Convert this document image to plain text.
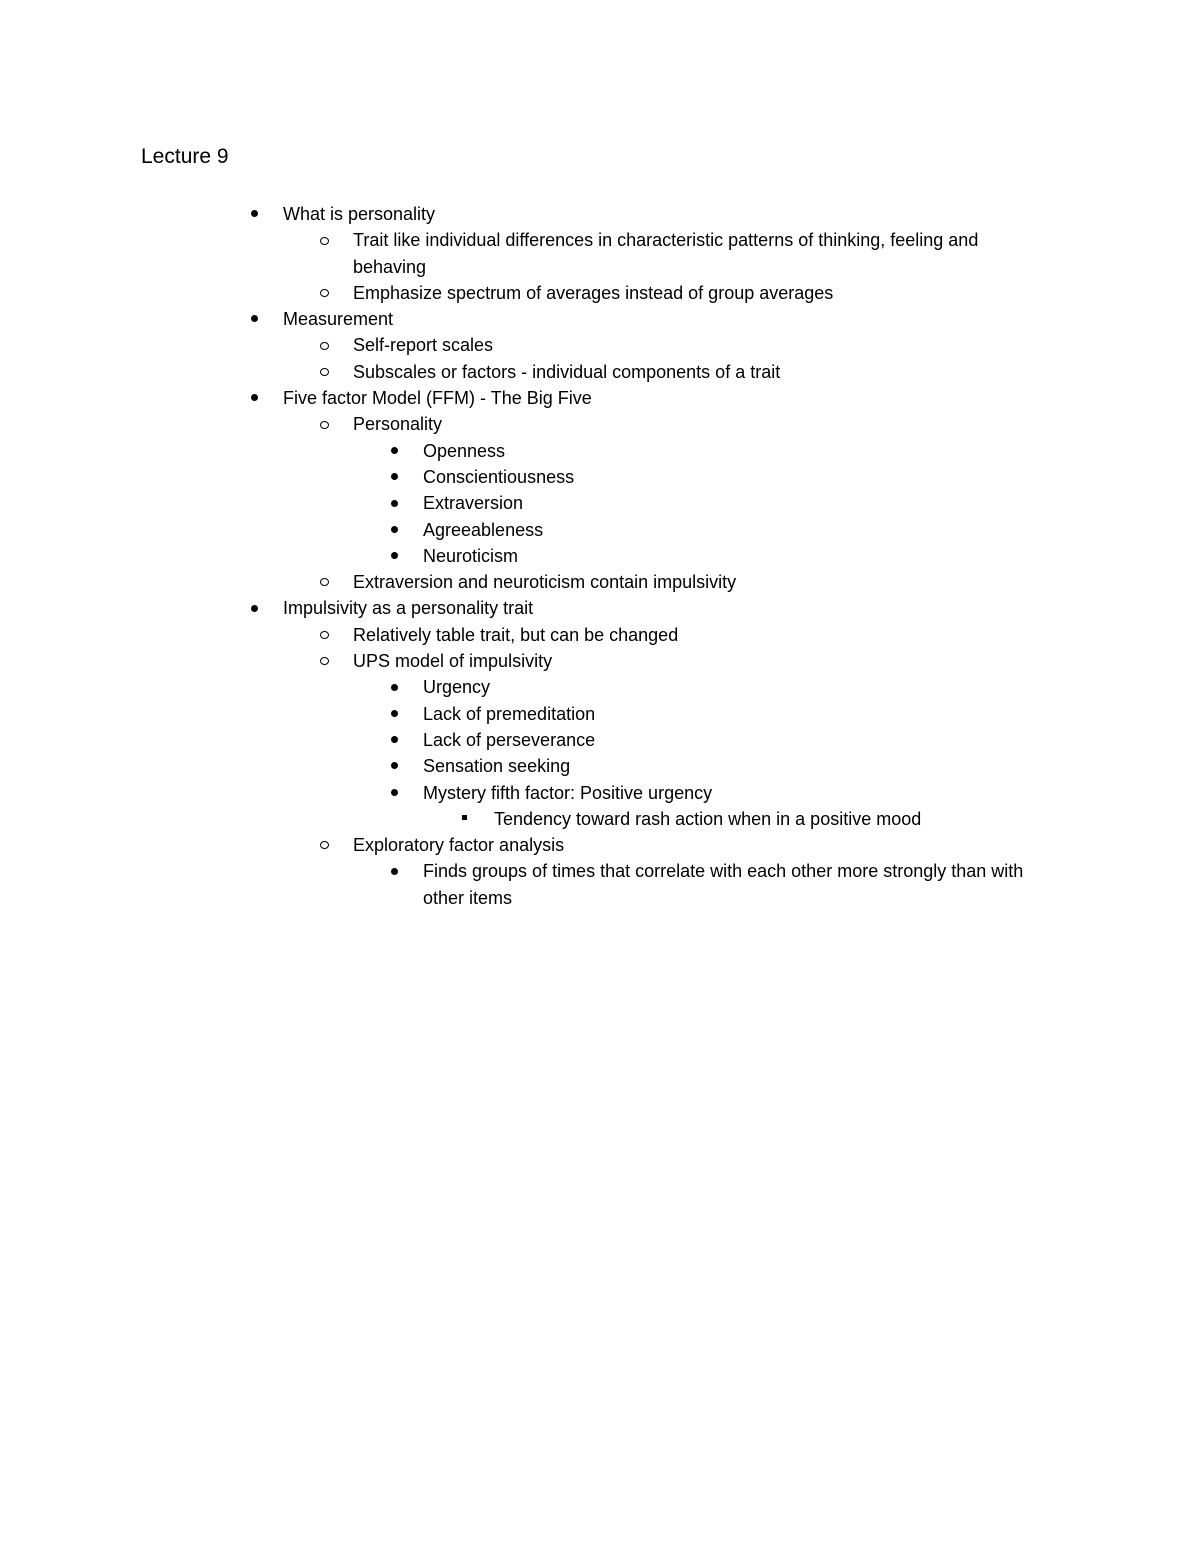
Lecture 9
What is personality
Trait like individual differences in characteristic patterns of thinking, feeling and behaving
Emphasize spectrum of averages instead of group averages
Measurement
Self-report scales
Subscales or factors - individual components of a trait
Five factor Model (FFM) - The Big Five
Personality
Openness
Conscientiousness
Extraversion
Agreeableness
Neuroticism
Extraversion and neuroticism contain impulsivity
Impulsivity as a personality trait
Relatively table trait, but can be changed
UPS model of impulsivity
Urgency
Lack of premeditation
Lack of perseverance
Sensation seeking
Mystery fifth factor: Positive urgency
Tendency toward rash action when in a positive mood
Exploratory factor analysis
Finds groups of times that correlate with each other more strongly than with other items
